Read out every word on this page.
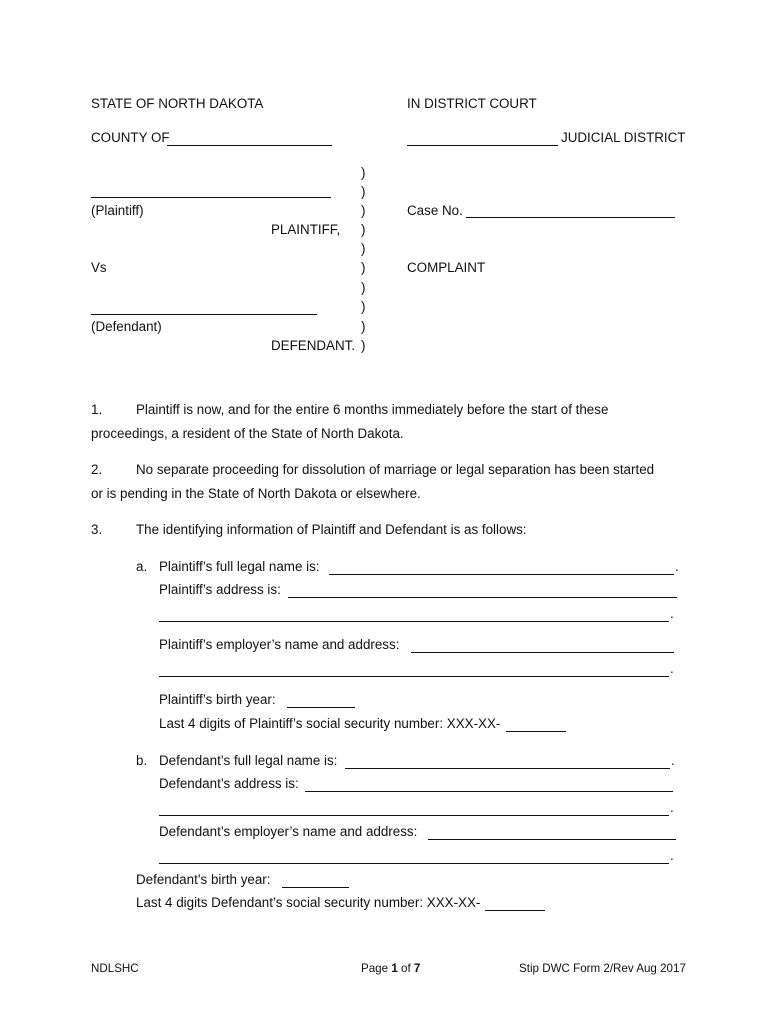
STATE OF NORTH DAKOTA	IN DISTRICT COURT
COUNTY OF	JUDICIAL DISTRICT
)
)
)
)
)
)
)
)
)
)
(Plaintiff)
PLAINTIFF,
Case No.
Vs	COMPLAINT
(Defendant)
DEFENDANT.
1.	Plaintiff is now, and for the entire 6 months immediately before the start of these
proceedings, a resident of the State of North Dakota.
2.	No separate proceeding for dissolution of marriage or legal separation has been started
or is pending in the State of North Dakota or elsewhere.
3.	The identifying information of Plaintiff and Defendant is as follows:
a. Plaintiff’s full legal name is:	.
Plaintiff’s address is:
.
Plaintiff’s employer’s name and address:
.
Plaintiff’s birth year:
Last 4 digits of Plaintiff’s social security number: XXX-XX-
b. Defendant’s full legal name is:	.
Defendant’s address is:
.
Defendant’s employer’s name and address:
.
Defendant’s birth year:
Last 4 digits Defendant’s social security number: XXX-XX-
NDLSHC	Page 1 of 7	Stip DWC Form 2/Rev Aug 2017
